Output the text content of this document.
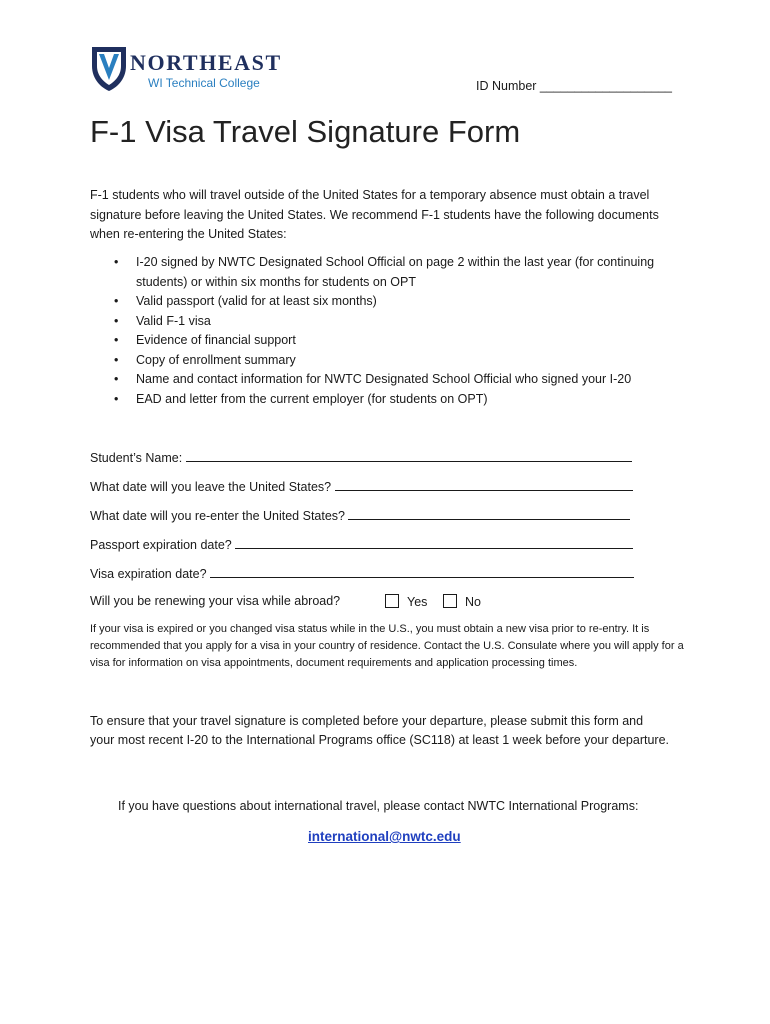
NORTHEAST
WI Technical College	ID Number ___________________
F-1 Visa Travel Signature Form

F-1 students who will travel outside of the United States for a temporary absence must obtain a travel signature before leaving the United States. We recommend F-1 students have the following documents when re-entering the United States:

• I-20 signed by NWTC Designated School Official on page 2 within the last year (for continuing students) or within six months for students on OPT
• Valid passport (valid for at least six months)
• Valid F-1 visa
• Evidence of financial support
• Copy of enrollment summary
• Name and contact information for NWTC Designated School Official who signed your I-20
• EAD and letter from the current employer (for students on OPT)
Student’s Name:
What date will you leave the United States?
What date will you re-enter the United States?
Passport expiration date?
Visa expiration date?
Will you be renewing your visa while abroad?	Yes	No

If your visa is expired or you changed visa status while in the U.S., you must obtain a new visa prior to re-entry. It is recommended that you apply for a visa in your country of residence. Contact the U.S. Consulate where you will apply for a visa for information on visa appointments, document requirements and application processing times.

To ensure that your travel signature is completed before your departure, please submit this form and your most recent I-20 to the International Programs office (SC118) at least 1 week before your departure.

If you have questions about international travel, please contact NWTC International Programs:

international@nwtc.edu
